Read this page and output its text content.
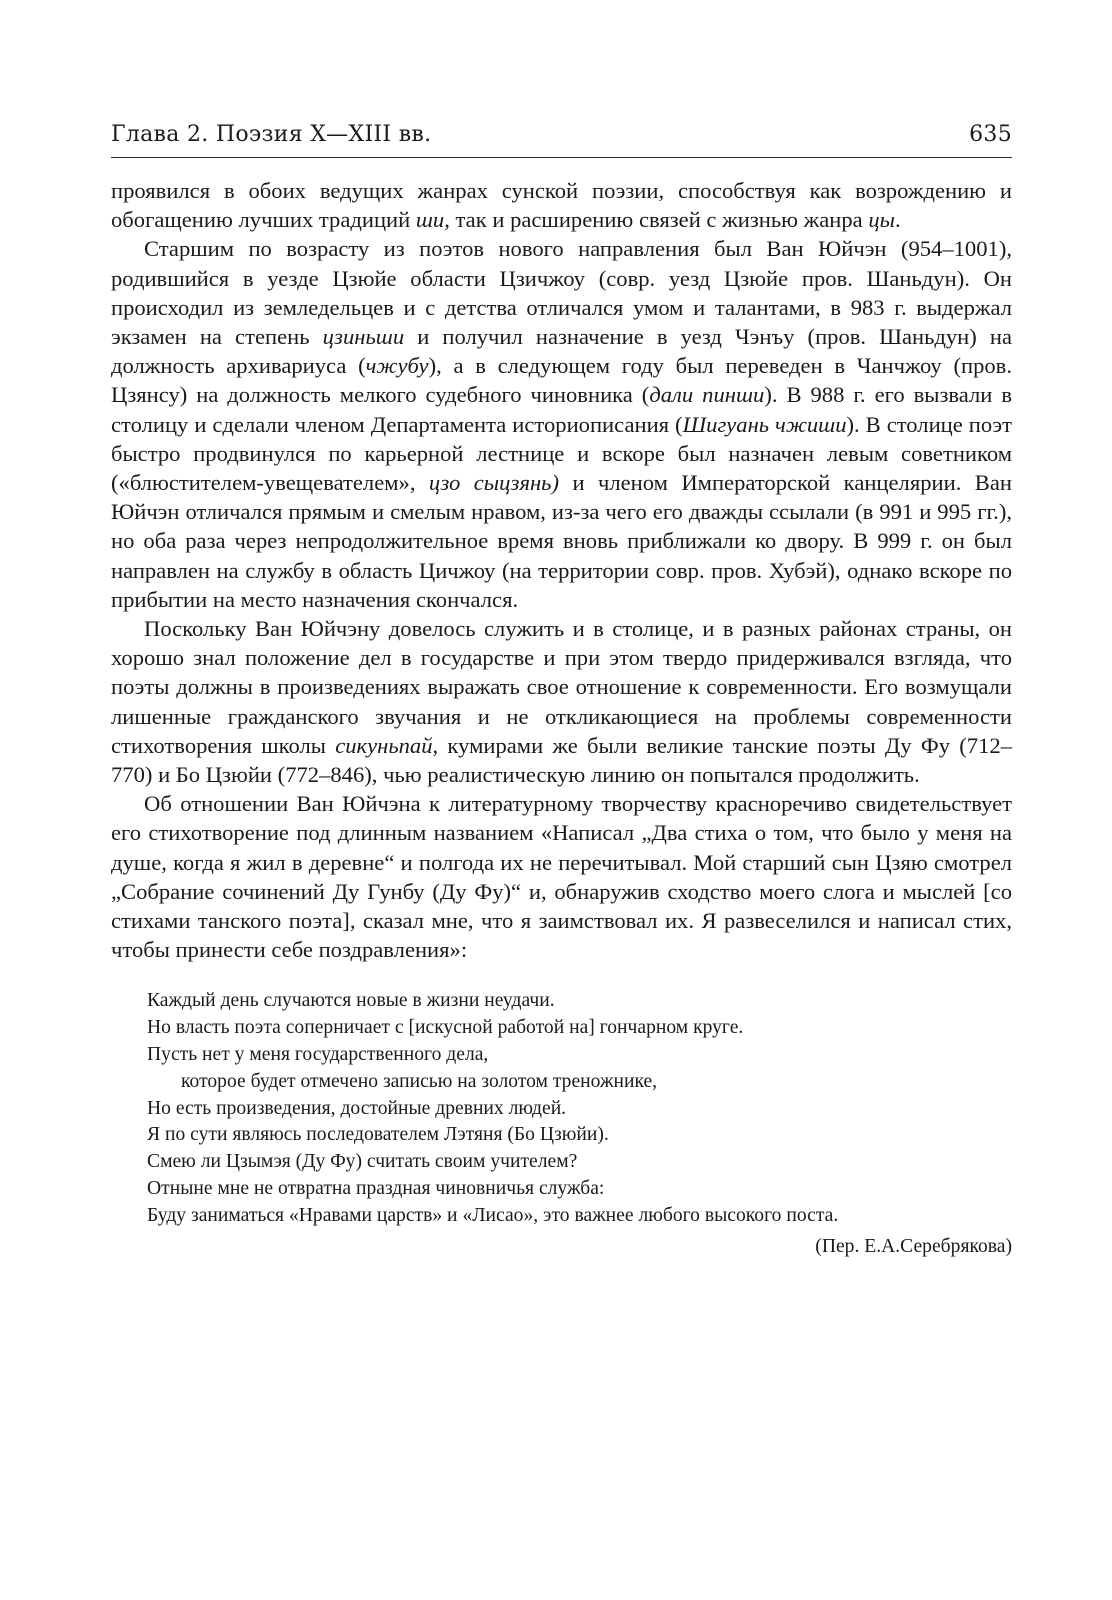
Глава 2. Поэзия X—XIII вв.	635

проявился в обоих ведущих жанрах сунской поэзии, способствуя как возрождению и обогащению лучших традиций ши, так и расширению связей с жизнью жанра цы.

Старшим по возрасту из поэтов нового направления был Ван Юйчэн (954–1001), родившийся в уезде Цзюйе области Цзичжоу (совр. уезд Цзюйе пров. Шаньдун). Он происходил из земледельцев и с детства отличался умом и талантами, в 983 г. выдержал экзамен на степень цзиньши и получил назначение в уезд Чэнъу (пров. Шаньдун) на должность архивариуса (чжубу), а в следующем году был переведен в Чанчжоу (пров. Цзянсу) на должность мелкого судебного чиновника (дали пинши). В 988 г. его вызвали в столицу и сделали членом Департамента историописания (Шигуань чжиши). В столице поэт быстро продвинулся по карьерной лестнице и вскоре был назначен левым советником («блюстителем-увещевателем», цзо сыцзянь) и членом Императорской канцелярии. Ван Юйчэн отличался прямым и смелым нравом, из-за чего его дважды ссылали (в 991 и 995 гг.), но оба раза через непродолжительное время вновь приближали ко двору. В 999 г. он был направлен на службу в область Цичжоу (на территории совр. пров. Хубэй), однако вскоре по прибытии на место назначения скончался.

Поскольку Ван Юйчэну довелось служить и в столице, и в разных районах страны, он хорошо знал положение дел в государстве и при этом твердо придерживался взгляда, что поэты должны в произведениях выражать свое отношение к современности. Его возмущали лишенные гражданского звучания и не откликающиеся на проблемы современности стихотворения школы сикуньпай, кумирами же были великие танские поэты Ду Фу (712–770) и Бо Цзюйи (772–846), чью реалистическую линию он попытался продолжить.

Об отношении Ван Юйчэна к литературному творчеству красноречиво свидетельствует его стихотворение под длинным названием «Написал „Два стиха о том, что было у меня на душе, когда я жил в деревне“ и полгода их не перечитывал. Мой старший сын Цзяю смотрел „Собрание сочинений Ду Гунбу (Ду Фу)“ и, обнаружив сходство моего слога и мыслей [со стихами танского поэта], сказал мне, что я заимствовал их. Я развеселился и написал стих, чтобы принести себе поздравления»:

Каждый день случаются новые в жизни неудачи.
Но власть поэта соперничает с [искусной работой на] гончарном круге.
Пусть нет у меня государственного дела,
которое будет отмечено записью на золотом треножнике,
Но есть произведения, достойные древних людей.
Я по сути являюсь последователем Лэтяня (Бо Цзюйи).
Смею ли Цзымэя (Ду Фу) считать своим учителем?
Отныне мне не отвратна праздная чиновничья служба:
Буду заниматься «Нравами царств» и «Лисао», это важнее любого высокого поста.
(Пер. Е.А.Серебрякова)
